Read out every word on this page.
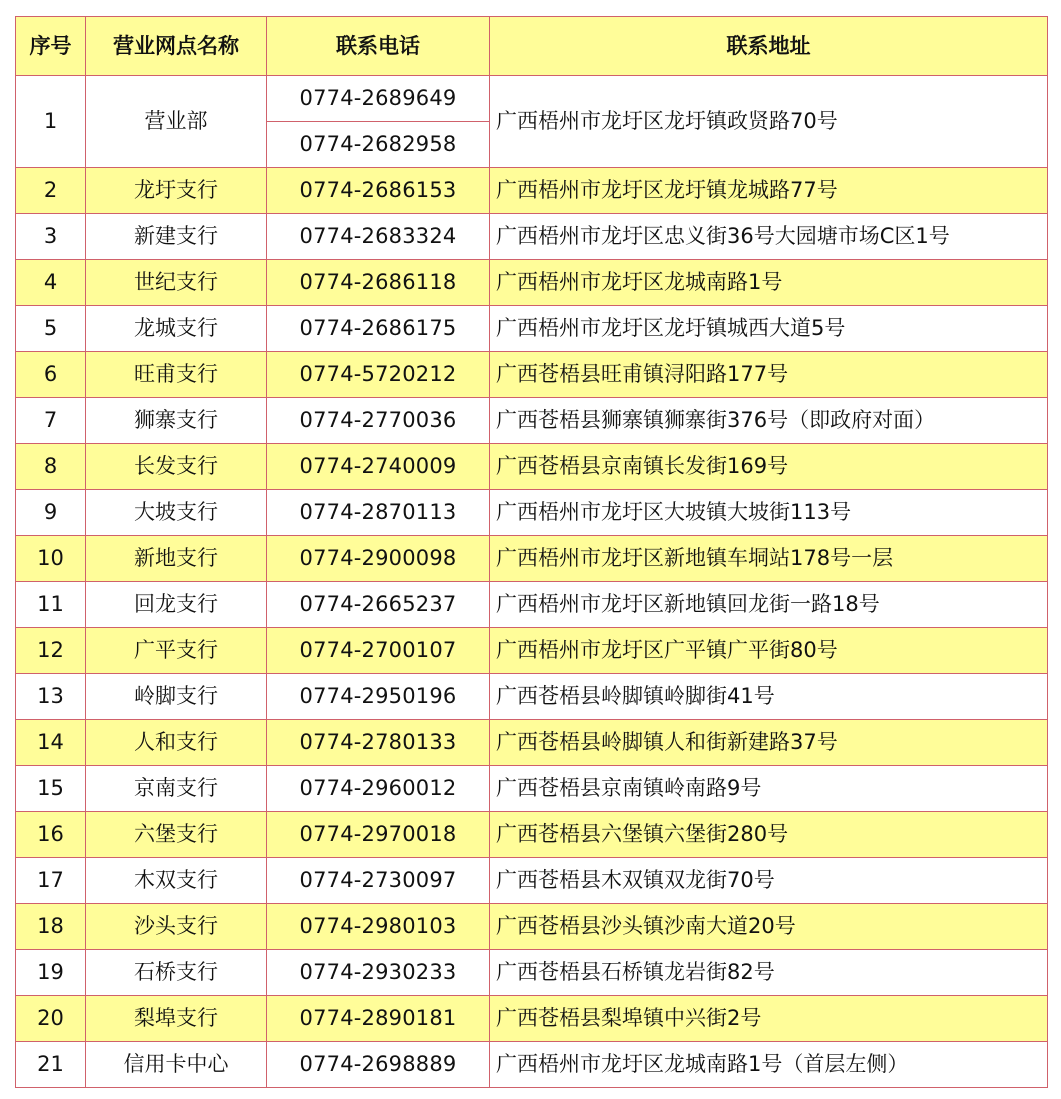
序号	营业网点名称	联系电话	联系地址
1	营业部	0774-2689649	广西梧州市龙圩区龙圩镇政贤路70号
		0774-2682958	
2	龙圩支行	0774-2686153	广西梧州市龙圩区龙圩镇龙城路77号
3	新建支行	0774-2683324	广西梧州市龙圩区忠义街36号大园塘市场C区1号
4	世纪支行	0774-2686118	广西梧州市龙圩区龙城南路1号
5	龙城支行	0774-2686175	广西梧州市龙圩区龙圩镇城西大道5号
6	旺甫支行	0774-5720212	广西苍梧县旺甫镇浔阳路177号
7	狮寨支行	0774-2770036	广西苍梧县狮寨镇狮寨街376号（即政府对面）
8	长发支行	0774-2740009	广西苍梧县京南镇长发街169号
9	大坡支行	0774-2870113	广西梧州市龙圩区大坡镇大坡街113号
10	新地支行	0774-2900098	广西梧州市龙圩区新地镇车垌站178号一层
11	回龙支行	0774-2665237	广西梧州市龙圩区新地镇回龙街一路18号
12	广平支行	0774-2700107	广西梧州市龙圩区广平镇广平街80号
13	岭脚支行	0774-2950196	广西苍梧县岭脚镇岭脚街41号
14	人和支行	0774-2780133	广西苍梧县岭脚镇人和街新建路37号
15	京南支行	0774-2960012	广西苍梧县京南镇岭南路9号
16	六堡支行	0774-2970018	广西苍梧县六堡镇六堡街280号
17	木双支行	0774-2730097	广西苍梧县木双镇双龙街70号
18	沙头支行	0774-2980103	广西苍梧县沙头镇沙南大道20号
19	石桥支行	0774-2930233	广西苍梧县石桥镇龙岩街82号
20	梨埠支行	0774-2890181	广西苍梧县梨埠镇中兴街2号
21	信用卡中心	0774-2698889	广西梧州市龙圩区龙城南路1号（首层左侧）
